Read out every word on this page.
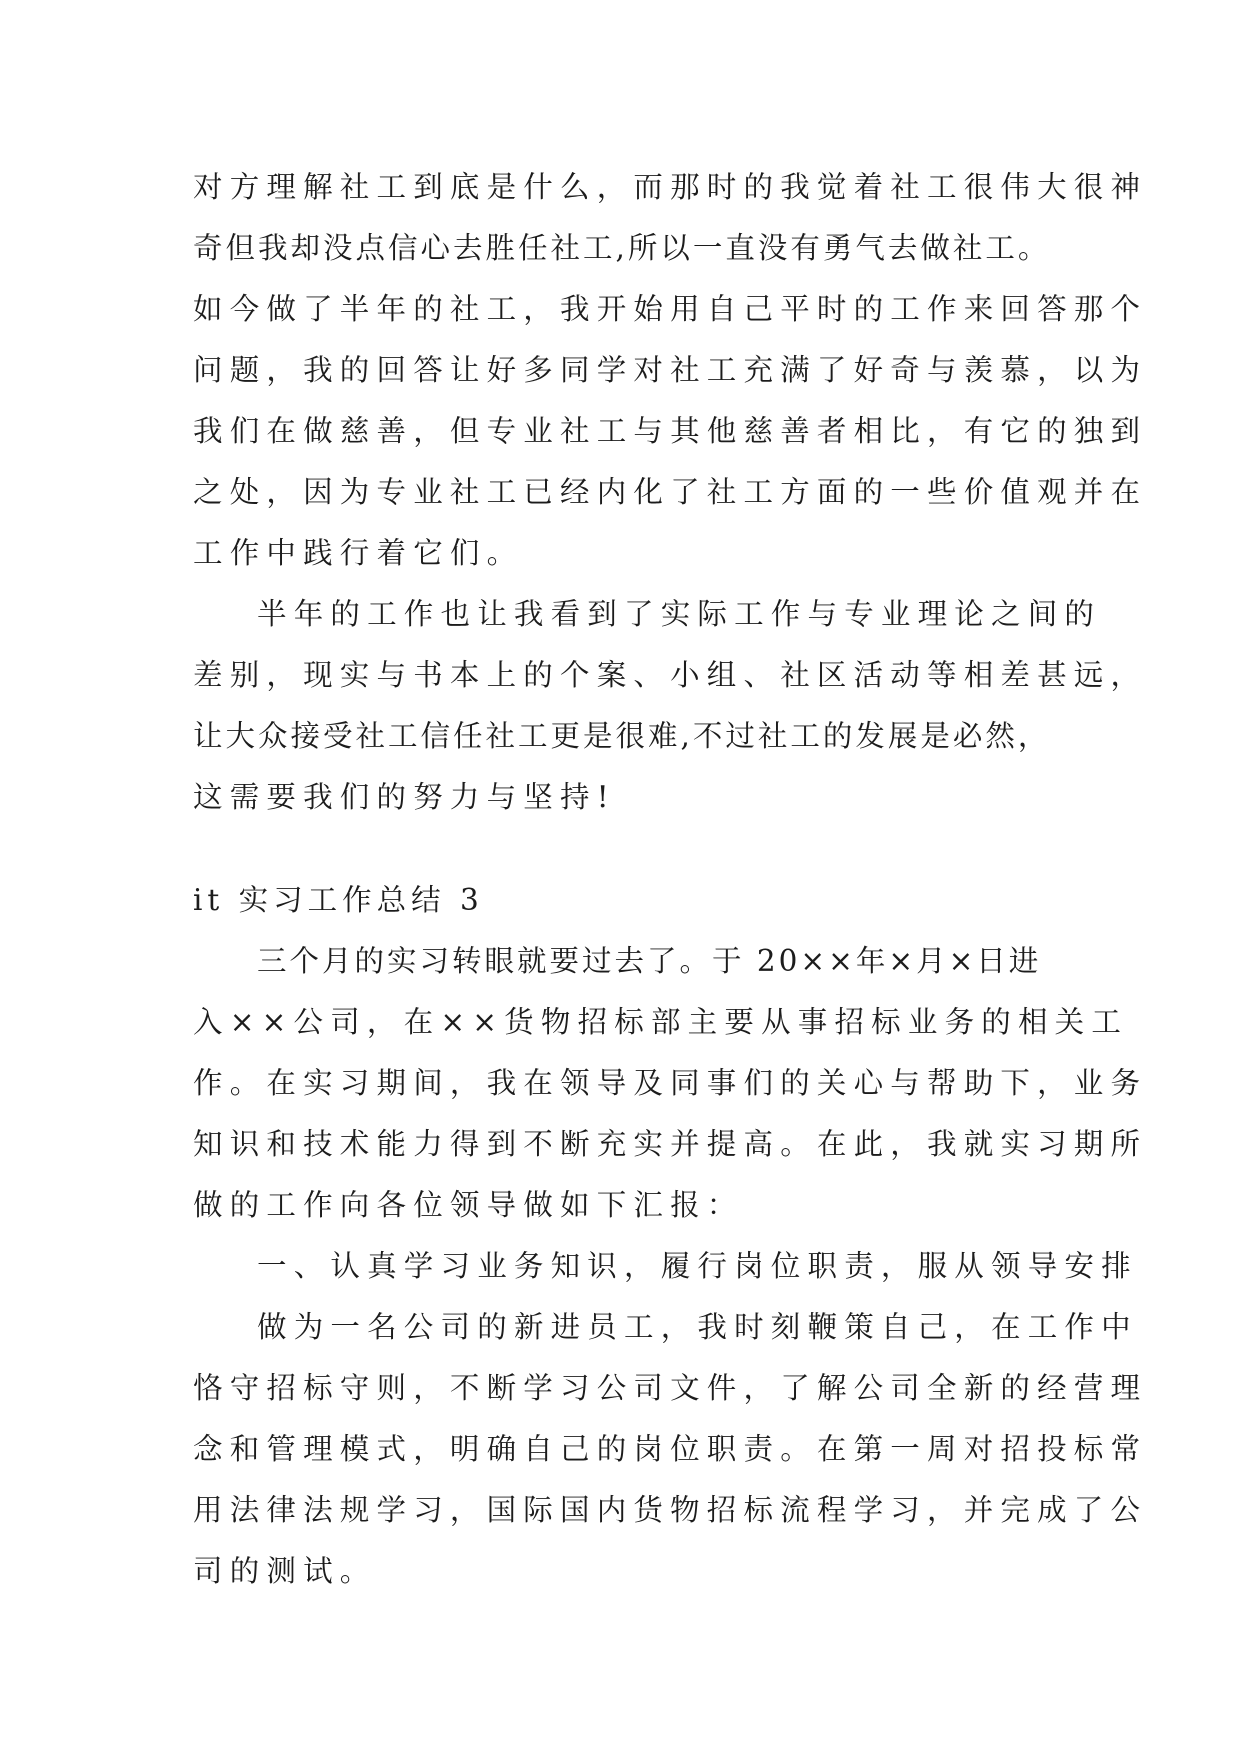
对方理解社工到底是什么，而那时的我觉着社工很伟大很神
奇但我却没点信心去胜任社工,所以一直没有勇气去做社工。
如今做了半年的社工，我开始用自己平时的工作来回答那个
问题，我的回答让好多同学对社工充满了好奇与羡慕，以为
我们在做慈善，但专业社工与其他慈善者相比，有它的独到
之处，因为专业社工已经内化了社工方面的一些价值观并在
工作中践行着它们。
半年的工作也让我看到了实际工作与专业理论之间的
差别，现实与书本上的个案、小组、社区活动等相差甚远，
让大众接受社工信任社工更是很难,不过社工的发展是必然，
这需要我们的努力与坚持!
it 实习工作总结 3
三个月的实习转眼就要过去了。于 20××年×月×日进
入××公司，在××货物招标部主要从事招标业务的相关工
作。在实习期间，我在领导及同事们的关心与帮助下，业务
知识和技术能力得到不断充实并提高。在此，我就实习期所
做的工作向各位领导做如下汇报：
一、认真学习业务知识，履行岗位职责，服从领导安排
做为一名公司的新进员工，我时刻鞭策自己，在工作中
恪守招标守则，不断学习公司文件，了解公司全新的经营理
念和管理模式，明确自己的岗位职责。在第一周对招投标常
用法律法规学习，国际国内货物招标流程学习，并完成了公
司的测试。
